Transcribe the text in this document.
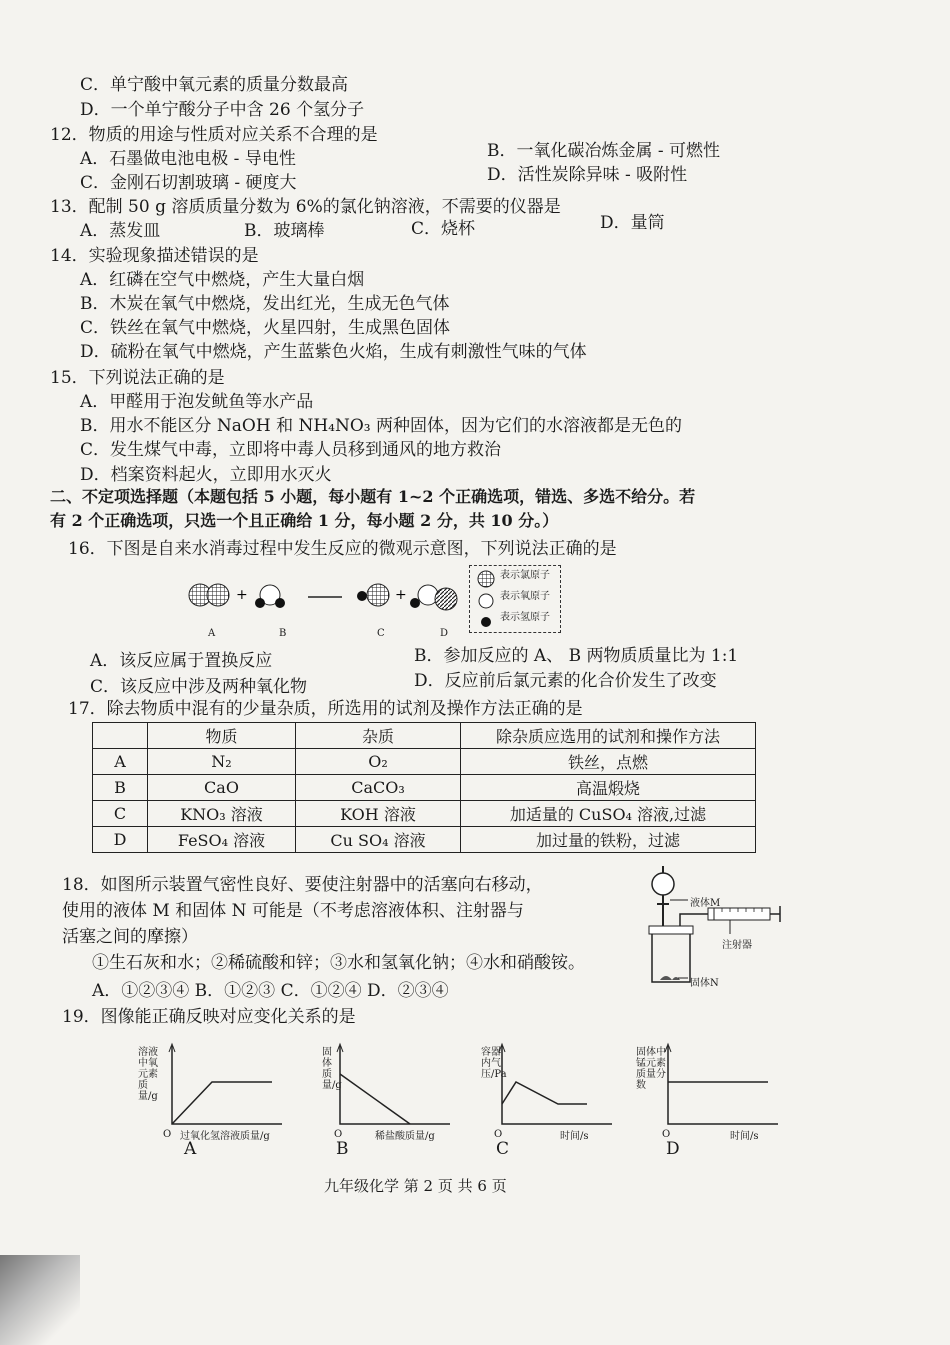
C．单宁酸中氧元素的质量分数最高
D．一个单宁酸分子中含 26 个氢分子
12．物质的用途与性质对应关系不合理的是
A．石墨做电池电极 - 导电性	B．一氧化碳冶炼金属 - 可燃性
C．金刚石切割玻璃 - 硬度大	D．活性炭除异味 - 吸附性
13．配制 50 g 溶质质量分数为 6%的氯化钠溶液，不需要的仪器是
A．蒸发皿	B．玻璃棒	C．烧杯	D．量筒
14．实验现象描述错误的是
A．红磷在空气中燃烧，产生大量白烟
B．木炭在氧气中燃烧，发出红光，生成无色气体
C．铁丝在氧气中燃烧，火星四射，生成黑色固体
D．硫粉在氧气中燃烧，产生蓝紫色火焰，生成有刺激性气味的气体
15．下列说法正确的是
A．甲醛用于泡发鱿鱼等水产品
B．用水不能区分 NaOH 和 NH₄NO₃ 两种固体，因为它们的水溶液都是无色的
C．发生煤气中毒，立即将中毒人员移到通风的地方救治
D．档案资料起火，立即用水灭火
二、不定项选择题（本题包括 5 小题，每小题有 1~2 个正确选项，错选、多选不给分。若
有 2 个正确选项，只选一个且正确给 1 分，每小题 2 分，共 10 分。）
16．下图是自来水消毒过程中发生反应的微观示意图，下列说法正确的是
+	+
A	B	C	D
表示氯原子
表示氧原子
表示氢原子
A．该反应属于置换反应	B．参加反应的 A、 B 两物质质量比为 1:1
C．该反应中涉及两种氧化物	D．反应前后氯元素的化合价发生了改变
17．除去物质中混有的少量杂质，所选用的试剂及操作方法正确的是
	物质	杂质	除杂质应选用的试剂和操作方法
A	N₂	O₂	铁丝，点燃
B	CaO	CaCO₃	高温煅烧
C	KNO₃ 溶液	KOH 溶液	加适量的 CuSO₄ 溶液,过滤
D	FeSO₄ 溶液	Cu SO₄ 溶液	加过量的铁粉，过滤
18．如图所示装置气密性良好、要使注射器中的活塞向右移动，
使用的液体 M 和固体 N 可能是（不考虑溶液体积、注射器与
活塞之间的摩擦）
①生石灰和水；②稀硫酸和锌；③水和氢氧化钠；④水和硝酸铵。
A．①②③④ B．①②③ C．①②④ D．②③④
液体M
注射器
固体N
19．图像能正确反映对应变化关系的是
溶液中氧元素质量/g
过氧化氢溶液质量/g
A
O
固体质量/g
稀盐酸质量/g
B
O
容器内气压/Pa
时间/s
C
O
固体中锰元素质量分数
时间/s
D
O
九年级化学 第 2 页 共 6 页
